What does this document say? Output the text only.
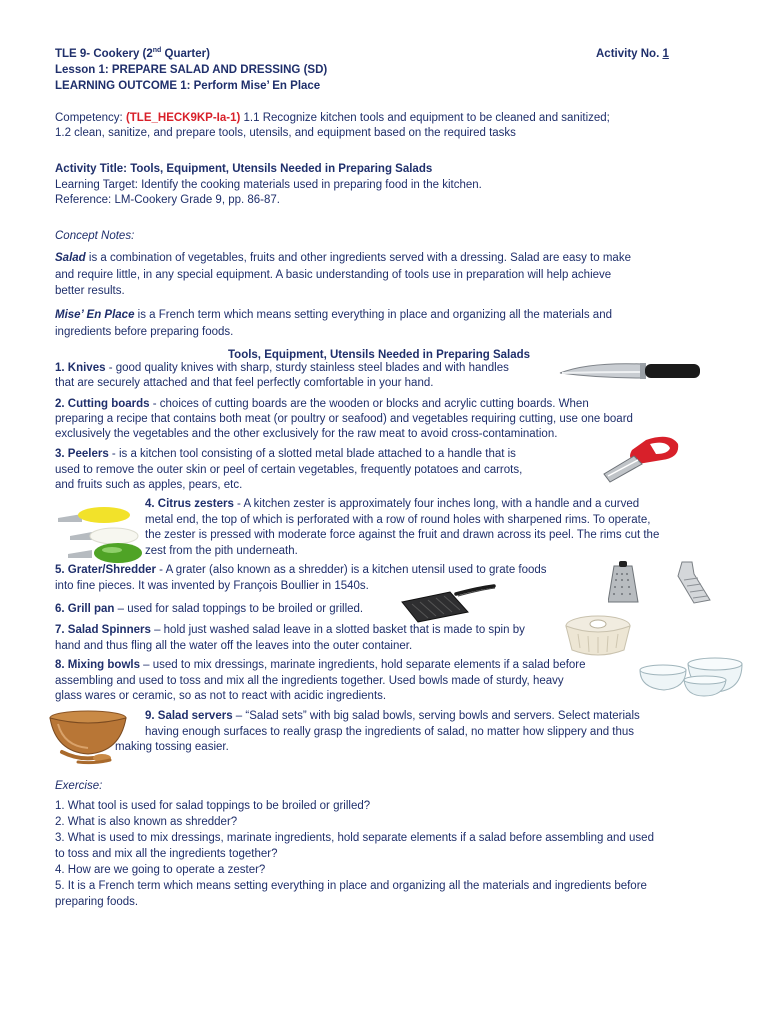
TLE 9- Cookery (2nd Quarter)	Activity No. 1
Lesson 1: PREPARE SALAD AND DRESSING (SD)
LEARNING OUTCOME 1: Perform Mise’ En Place
Competency: (TLE_HECK9KP-Ia-1) 1.1 Recognize kitchen tools and equipment to be cleaned and sanitized;
1.2 clean, sanitize, and prepare tools, utensils, and equipment based on the required tasks
Activity Title: Tools, Equipment, Utensils Needed in Preparing Salads
Learning Target: Identify the cooking materials used in preparing food in the kitchen.
Reference: LM-Cookery Grade 9, pp. 86-87.
Concept Notes:
Salad is a combination of vegetables, fruits and other ingredients served with a dressing. Salad are easy to make
and require little, in any special equipment. A basic understanding of tools use in preparation will help achieve
better results.
Mise’ En Place is a French term which means setting everything in place and organizing all the materials and
ingredients before preparing foods.
Tools, Equipment, Utensils Needed in Preparing Salads
1. Knives - good quality knives with sharp, sturdy stainless steel blades and with handles
that are securely attached and that feel perfectly comfortable in your hand.
2. Cutting boards - choices of cutting boards are the wooden or blocks and acrylic cutting boards. When
preparing a recipe that contains both meat (or poultry or seafood) and vegetables requiring cutting, use one board
exclusively the vegetables and the other exclusively for the raw meat to avoid cross-contamination.
3. Peelers - is a kitchen tool consisting of a slotted metal blade attached to a handle that is
used to remove the outer skin or peel of certain vegetables, frequently potatoes and carrots,
and fruits such as apples, pears, etc.
4. Citrus zesters - A kitchen zester is approximately four inches long, with a handle and a curved
metal end, the top of which is perforated with a row of round holes with sharpened rims. To operate,
the zester is pressed with moderate force against the fruit and drawn across its peel. The rims cut the
zest from the pith underneath.
5. Grater/Shredder - A grater (also known as a shredder) is a kitchen utensil used to grate foods
into fine pieces. It was invented by François Boullier in 1540s.
6. Grill pan – used for salad toppings to be broiled or grilled.
7. Salad Spinners – hold just washed salad leave in a slotted basket that is made to spin by
hand and thus fling all the water off the leaves into the outer container.
8. Mixing bowls – used to mix dressings, marinate ingredients, hold separate elements if a salad before
assembling and used to toss and mix all the ingredients together. Used bowls made of sturdy, heavy
glass wares or ceramic, so as not to react with acidic ingredients.
9. Salad servers – “Salad sets” with big salad bowls, serving bowls and servers. Select materials
having enough surfaces to really grasp the ingredients of salad, no matter how slippery and thus
making tossing easier.
Exercise:
1. What tool is used for salad toppings to be broiled or grilled?
2. What is also known as shredder?
3. What is used to mix dressings, marinate ingredients, hold separate elements if a salad before assembling and used
to toss and mix all the ingredients together?
4. How are we going to operate a zester?
5. It is a French term which means setting everything in place and organizing all the materials and ingredients before
preparing foods.
